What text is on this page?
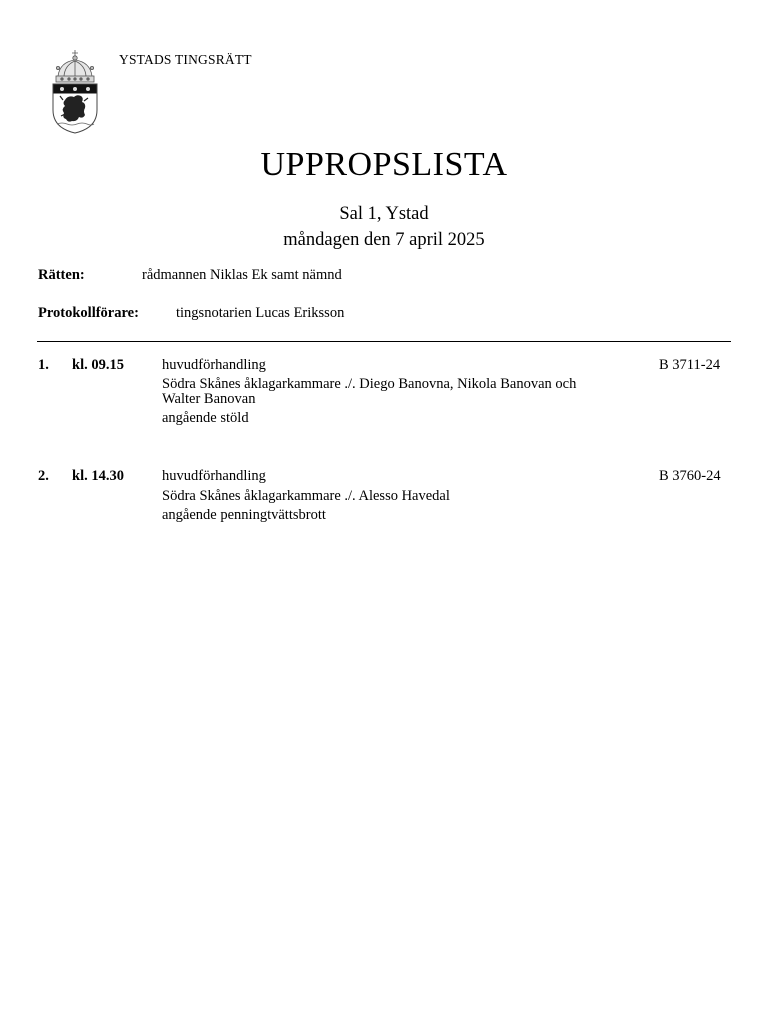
YSTADS TINGSRÄTT
UPPROPSLISTA
Sal 1, Ystad
måndagen den 7 april 2025
Rätten:	rådmannen Niklas Ek samt nämnd
Protokollförare:	tingsnotarien Lucas Eriksson
1. kl. 09.15	huvudförhandling
Södra Skånes åklagarkammare ./. Diego Banovna, Nikola Banovan och
Walter Banovan
angående stöld
B 3711-24
2. kl. 14.30	huvudförhandling
Södra Skånes åklagarkammare ./. Alesso Havedal
angående penningtvättsbrott
B 3760-24
